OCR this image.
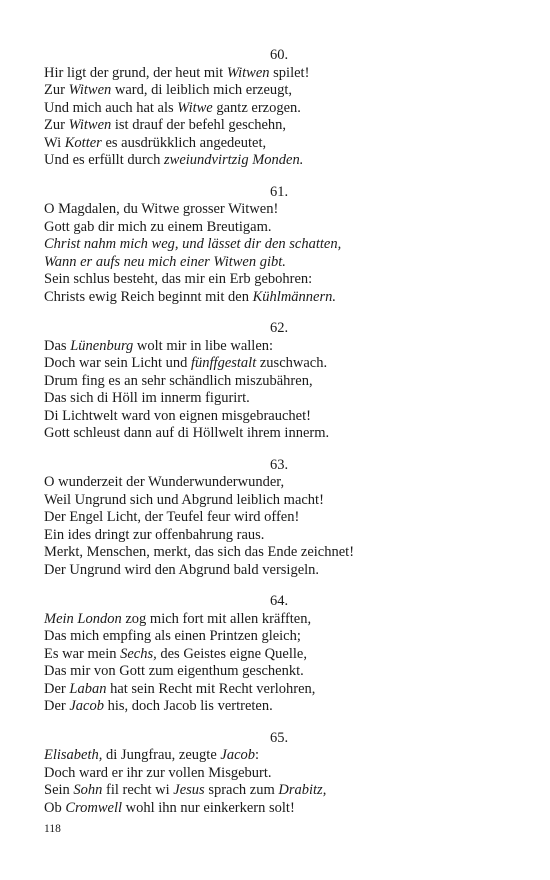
60.
Hir ligt der grund, der heut mit Witwen spilet!
Zur Witwen ward, di leiblich mich erzeugt,
Und mich auch hat als Witwe gantz erzogen.
Zur Witwen ist drauf der befehl geschehn,
Wi Kotter es ausdrükklich angedeutet,
Und es erfüllt durch zweiundvirtzig Monden.
61.
O Magdalen, du Witwe grosser Witwen!
Gott gab dir mich zu einem Breutigam.
Christ nahm mich weg, und lässet dir den schatten,
Wann er aufs neu mich einer Witwen gibt.
Sein schlus besteht, das mir ein Erb gebohren:
Christs ewig Reich beginnt mit den Kühlmännern.
62.
Das Lünenburg wolt mir in libe wallen:
Doch war sein Licht und fünffgestalt zuschwach.
Drum fing es an sehr schändlich miszubähren,
Das sich di Höll im innerm figurirt.
Di Lichtwelt ward von eignen misgebrauchet!
Gott schleust dann auf di Höllwelt ihrem innerm.
63.
O wunderzeit der Wunderwunderwunder,
Weil Ungrund sich und Abgrund leiblich macht!
Der Engel Licht, der Teufel feur wird offen!
Ein ides dringt zur offenbahrung raus.
Merkt, Menschen, merkt, das sich das Ende zeichnet!
Der Ungrund wird den Abgrund bald versigeln.
64.
Mein London zog mich fort mit allen kräfften,
Das mich empfing als einen Printzen gleich;
Es war mein Sechs, des Geistes eigne Quelle,
Das mir von Gott zum eigenthum geschenkt.
Der Laban hat sein Recht mit Recht verlohren,
Der Jacob his, doch Jacob lis vertreten.
65.
Elisabeth, di Jungfrau, zeugte Jacob:
Doch ward er ihr zur vollen Misgeburt.
Sein Sohn fil recht wi Jesus sprach zum Drabitz,
Ob Cromwell wohl ihn nur einkerkern solt!
118
